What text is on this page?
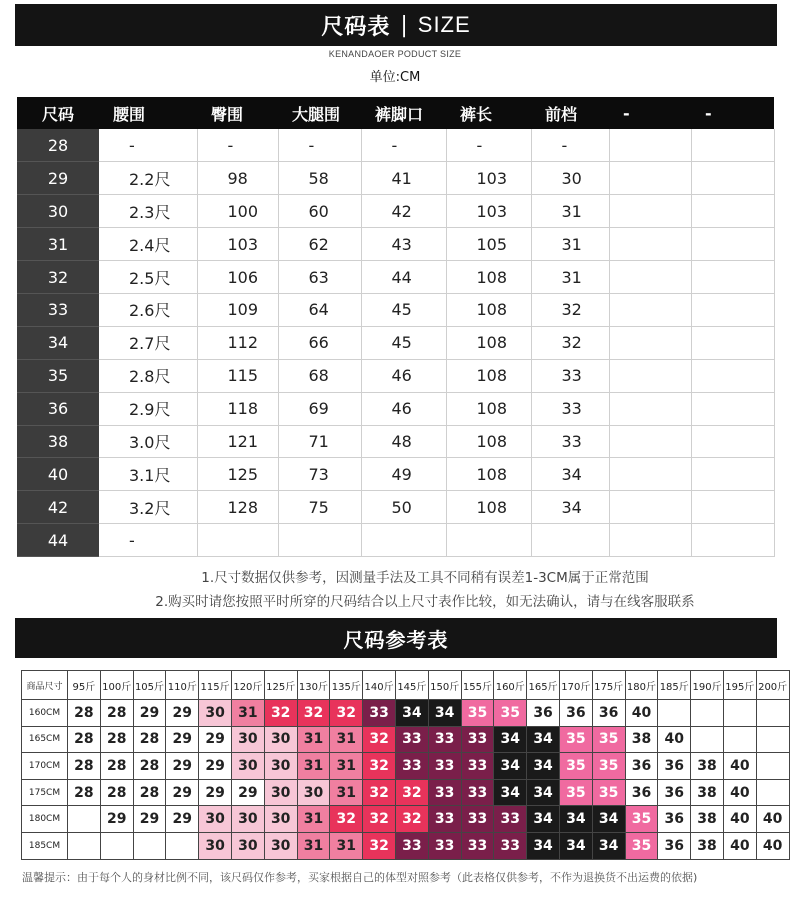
尺码表 | SIZE
KENANDAOER PODUCT SIZE
单位:CM
尺码	腰围	臀围	大腿围	裤脚口	裤长	前档	-	-
28	-	-	-	-	-	-		
29	2.2尺	98	58	41	103	30		
30	2.3尺	100	60	42	103	31		
31	2.4尺	103	62	43	105	31		
32	2.5尺	106	63	44	108	31		
33	2.6尺	109	64	45	108	32		
34	2.7尺	112	66	45	108	32		
35	2.8尺	115	68	46	108	33		
36	2.9尺	118	69	46	108	33		
38	3.0尺	121	71	48	108	33		
40	3.1尺	125	73	49	108	34		
42	3.2尺	128	75	50	108	34		
44	-							
1.尺寸数据仅供参考，因测量手法及工具不同稍有误差1-3CM属于正常范围
2.购买时请您按照平时所穿的尺码结合以上尺寸表作比较，如无法确认，请与在线客服联系
尺码参考表
商品尺寸	95斤	100斤	105斤	110斤	115斤	120斤	125斤	130斤	135斤	140斤	145斤	150斤	155斤	160斤	165斤	170斤	175斤	180斤	185斤	190斤	195斤	200斤
160CM	28	28	29	29	30	31	32	32	32	33	34	34	35	35	36	36	36	40				
165CM	28	28	28	29	29	30	30	31	31	32	33	33	33	34	34	35	35	38	40			
170CM	28	28	28	29	29	30	30	31	31	32	33	33	33	34	34	35	35	36	36	38	40	
175CM	28	28	28	29	29	29	30	30	31	32	32	33	33	34	34	35	35	36	36	38	40	
180CM		29	29	29	30	30	30	31	32	32	32	33	33	33	34	34	34	35	36	38	40	40
185CM					30	30	30	31	31	32	33	33	33	33	34	34	34	35	36	38	40	40
温馨提示：由于每个人的身材比例不同，该尺码仅作参考，买家根据自己的体型对照参考（此表格仅供参考，不作为退换货不出运费的依据)
